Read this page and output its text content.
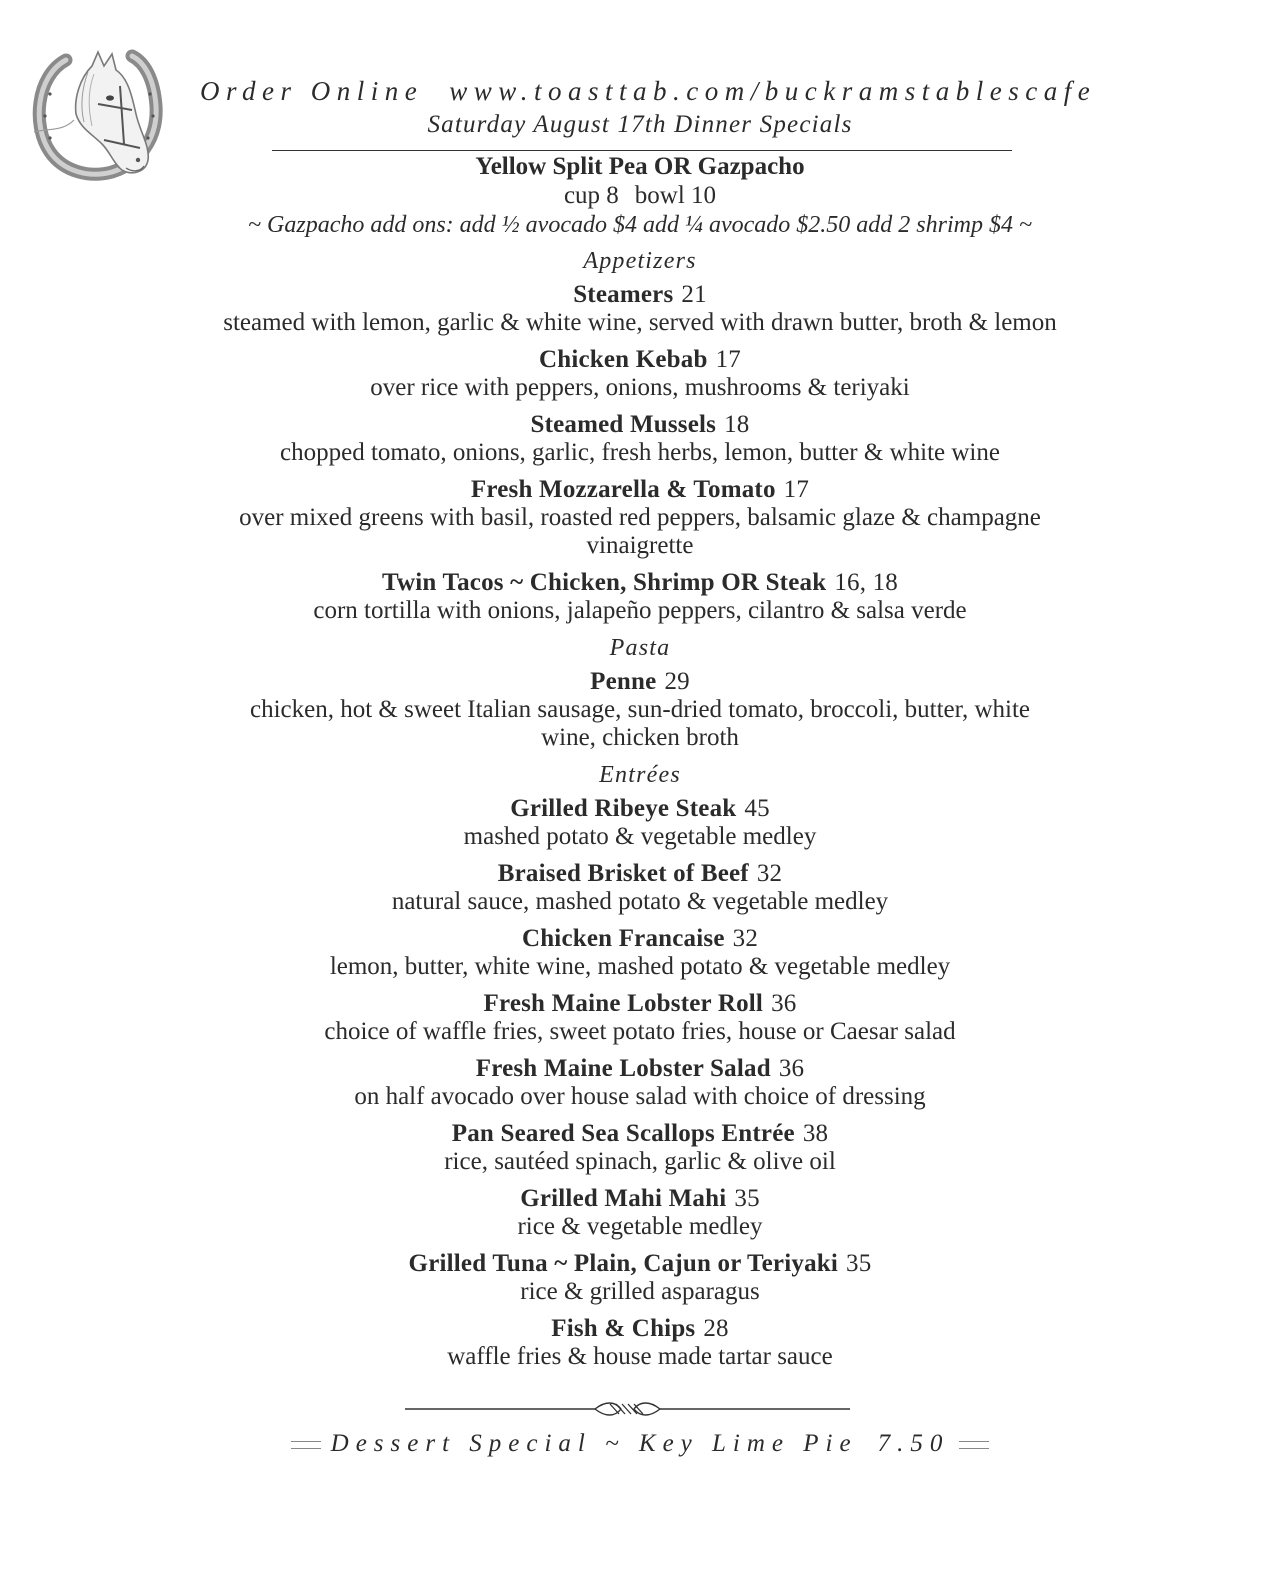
Order Online www.toasttab.com/buckramstablescafe
Saturday August 17th Dinner Specials
Yellow Split Pea OR Gazpacho
cup 8 bowl 10
~ Gazpacho add ons: add ½ avocado $4 add ¼ avocado $2.50 add 2 shrimp $4 ~
Appetizers
Steamers 21
steamed with lemon, garlic & white wine, served with drawn butter, broth & lemon
Chicken Kebab 17
over rice with peppers, onions, mushrooms & teriyaki
Steamed Mussels 18
chopped tomato, onions, garlic, fresh herbs, lemon, butter & white wine
Fresh Mozzarella & Tomato 17
over mixed greens with basil, roasted red peppers, balsamic glaze & champagne vinaigrette
Twin Tacos ~ Chicken, Shrimp OR Steak 16, 18
corn tortilla with onions, jalapeño peppers, cilantro & salsa verde
Pasta
Penne 29
chicken, hot & sweet Italian sausage, sun-dried tomato, broccoli, butter, white wine, chicken broth
Entrées
Grilled Ribeye Steak 45
mashed potato & vegetable medley
Braised Brisket of Beef 32
natural sauce, mashed potato & vegetable medley
Chicken Francaise 32
lemon, butter, white wine, mashed potato & vegetable medley
Fresh Maine Lobster Roll 36
choice of waffle fries, sweet potato fries, house or Caesar salad
Fresh Maine Lobster Salad 36
on half avocado over house salad with choice of dressing
Pan Seared Sea Scallops Entrée 38
rice, sautéed spinach, garlic & olive oil
Grilled Mahi Mahi 35
rice & vegetable medley
Grilled Tuna ~ Plain, Cajun or Teriyaki 35
rice & grilled asparagus
Fish & Chips 28
waffle fries & house made tartar sauce
Dessert Special ~ Key Lime Pie 7.50
